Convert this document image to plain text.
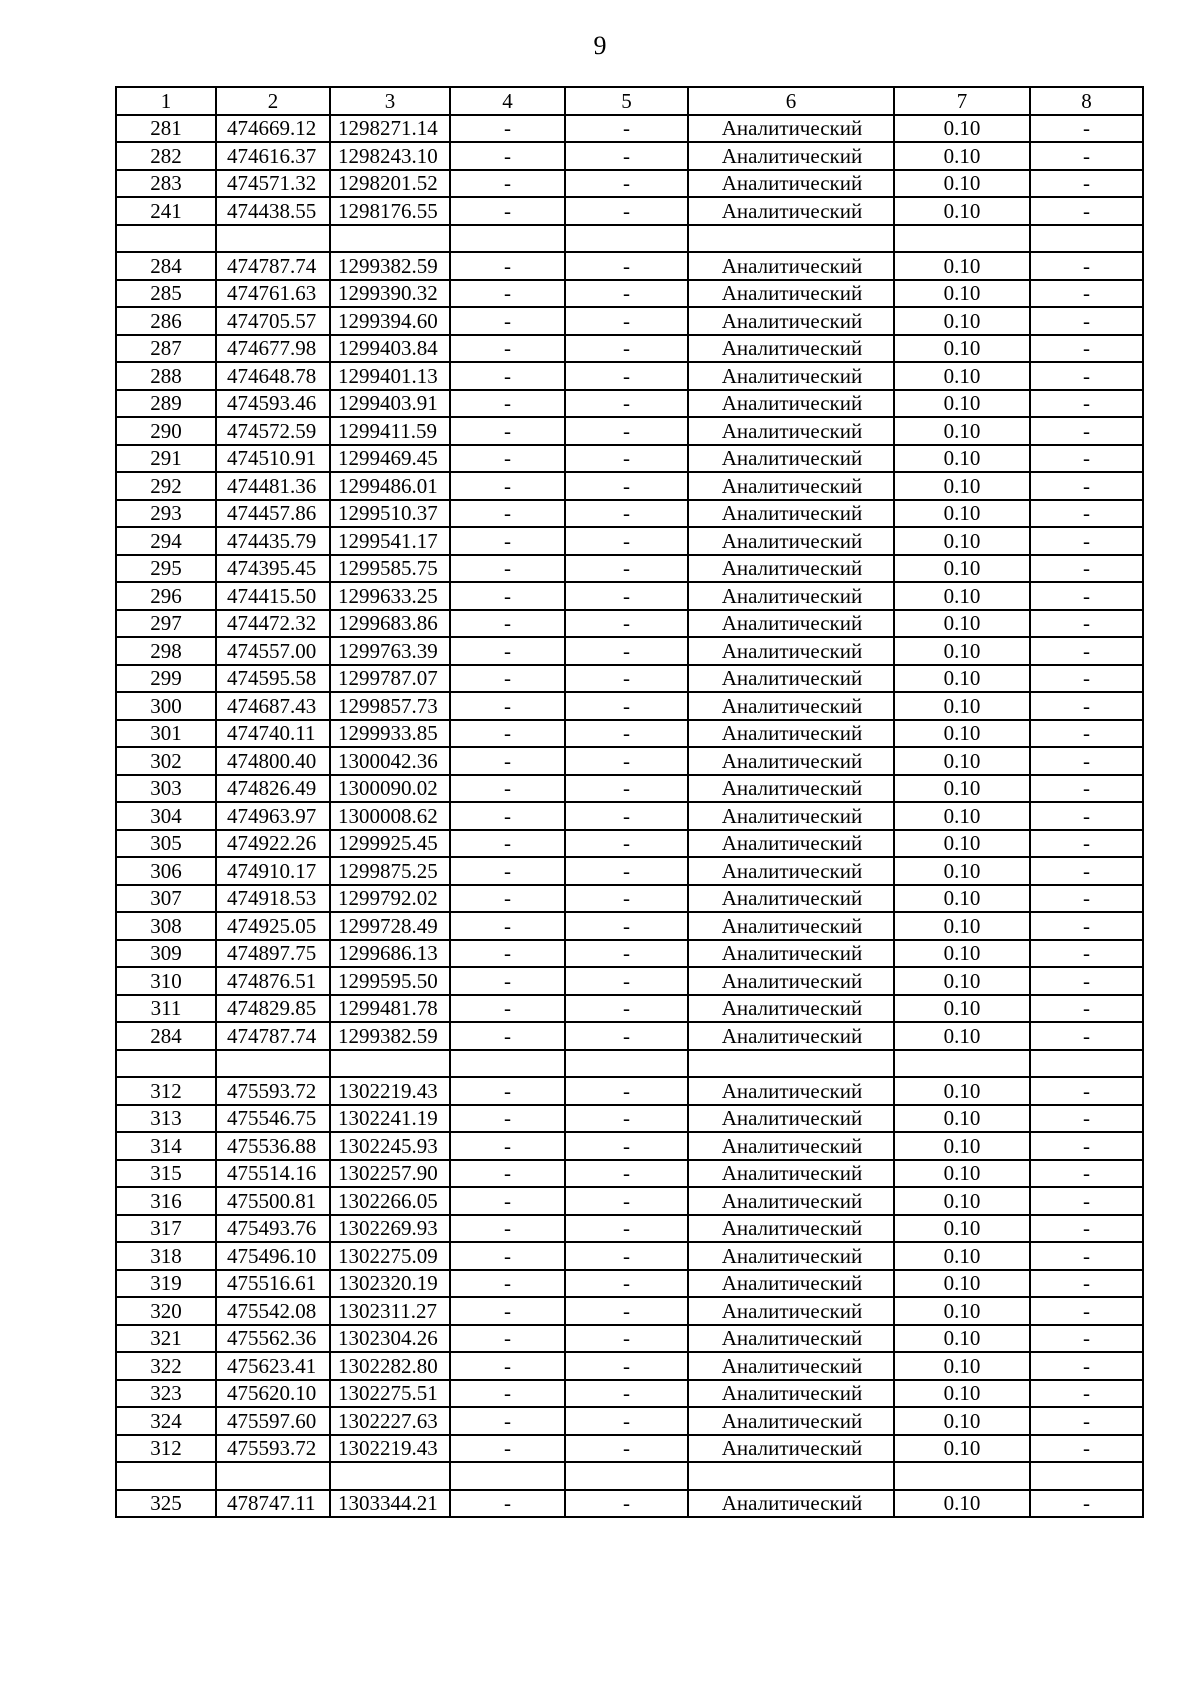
9
1	2	3	4	5	6	7	8
281	474669.12	1298271.14	-	-	Аналитический	0.10	-
282	474616.37	1298243.10	-	-	Аналитический	0.10	-
283	474571.32	1298201.52	-	-	Аналитический	0.10	-
241	474438.55	1298176.55	-	-	Аналитический	0.10	-

284	474787.74	1299382.59	-	-	Аналитический	0.10	-
285	474761.63	1299390.32	-	-	Аналитический	0.10	-
286	474705.57	1299394.60	-	-	Аналитический	0.10	-
287	474677.98	1299403.84	-	-	Аналитический	0.10	-
288	474648.78	1299401.13	-	-	Аналитический	0.10	-
289	474593.46	1299403.91	-	-	Аналитический	0.10	-
290	474572.59	1299411.59	-	-	Аналитический	0.10	-
291	474510.91	1299469.45	-	-	Аналитический	0.10	-
292	474481.36	1299486.01	-	-	Аналитический	0.10	-
293	474457.86	1299510.37	-	-	Аналитический	0.10	-
294	474435.79	1299541.17	-	-	Аналитический	0.10	-
295	474395.45	1299585.75	-	-	Аналитический	0.10	-
296	474415.50	1299633.25	-	-	Аналитический	0.10	-
297	474472.32	1299683.86	-	-	Аналитический	0.10	-
298	474557.00	1299763.39	-	-	Аналитический	0.10	-
299	474595.58	1299787.07	-	-	Аналитический	0.10	-
300	474687.43	1299857.73	-	-	Аналитический	0.10	-
301	474740.11	1299933.85	-	-	Аналитический	0.10	-
302	474800.40	1300042.36	-	-	Аналитический	0.10	-
303	474826.49	1300090.02	-	-	Аналитический	0.10	-
304	474963.97	1300008.62	-	-	Аналитический	0.10	-
305	474922.26	1299925.45	-	-	Аналитический	0.10	-
306	474910.17	1299875.25	-	-	Аналитический	0.10	-
307	474918.53	1299792.02	-	-	Аналитический	0.10	-
308	474925.05	1299728.49	-	-	Аналитический	0.10	-
309	474897.75	1299686.13	-	-	Аналитический	0.10	-
310	474876.51	1299595.50	-	-	Аналитический	0.10	-
311	474829.85	1299481.78	-	-	Аналитический	0.10	-
284	474787.74	1299382.59	-	-	Аналитический	0.10	-

312	475593.72	1302219.43	-	-	Аналитический	0.10	-
313	475546.75	1302241.19	-	-	Аналитический	0.10	-
314	475536.88	1302245.93	-	-	Аналитический	0.10	-
315	475514.16	1302257.90	-	-	Аналитический	0.10	-
316	475500.81	1302266.05	-	-	Аналитический	0.10	-
317	475493.76	1302269.93	-	-	Аналитический	0.10	-
318	475496.10	1302275.09	-	-	Аналитический	0.10	-
319	475516.61	1302320.19	-	-	Аналитический	0.10	-
320	475542.08	1302311.27	-	-	Аналитический	0.10	-
321	475562.36	1302304.26	-	-	Аналитический	0.10	-
322	475623.41	1302282.80	-	-	Аналитический	0.10	-
323	475620.10	1302275.51	-	-	Аналитический	0.10	-
324	475597.60	1302227.63	-	-	Аналитический	0.10	-
312	475593.72	1302219.43	-	-	Аналитический	0.10	-

325	478747.11	1303344.21	-	-	Аналитический	0.10	-
